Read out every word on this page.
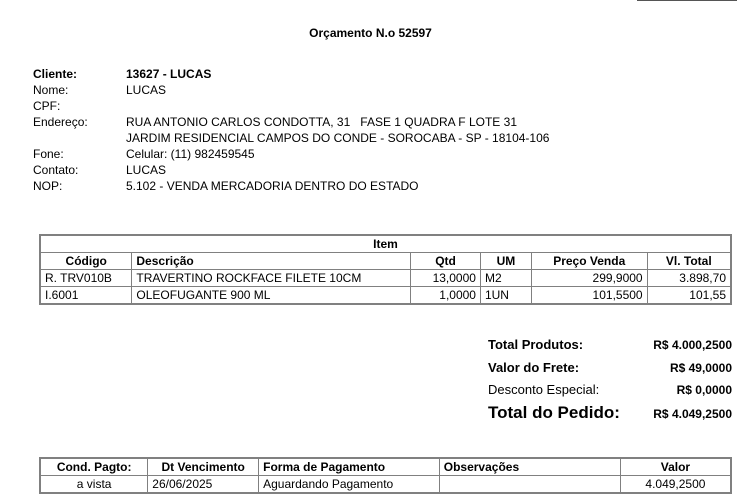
Orçamento N.o 52597
Cliente:	13627 - LUCAS
Nome:	LUCAS
CPF:
Endereço:	RUA ANTONIO CARLOS CONDOTTA, 31   FASE 1 QUADRA F LOTE 31
JARDIM RESIDENCIAL CAMPOS DO CONDE - SOROCABA - SP - 18104-106
Fone:	Celular: (11) 982459545
Contato:	LUCAS
NOP:	5.102 - VENDA MERCADORIA DENTRO DO ESTADO
Item					
Código	Descrição	Qtd	UM	Preço Venda	Vl. Total
R. TRV010B	TRAVERTINO ROCKFACE FILETE 10CM	13,0000	M2	299,9000	3.898,70
I.6001	OLEOFUGANTE 900 ML	1,0000	1UN	101,5500	101,55
Total Produtos:	R$ 4.000,2500
Valor do Frete:	R$ 49,0000
Desconto Especial:	R$ 0,0000
Total do Pedido:	R$ 4.049,2500
Cond. Pagto:	Dt Vencimento	Forma de Pagamento	Observações	Valor
a vista	26/06/2025	Aguardando Pagamento		4.049,2500
